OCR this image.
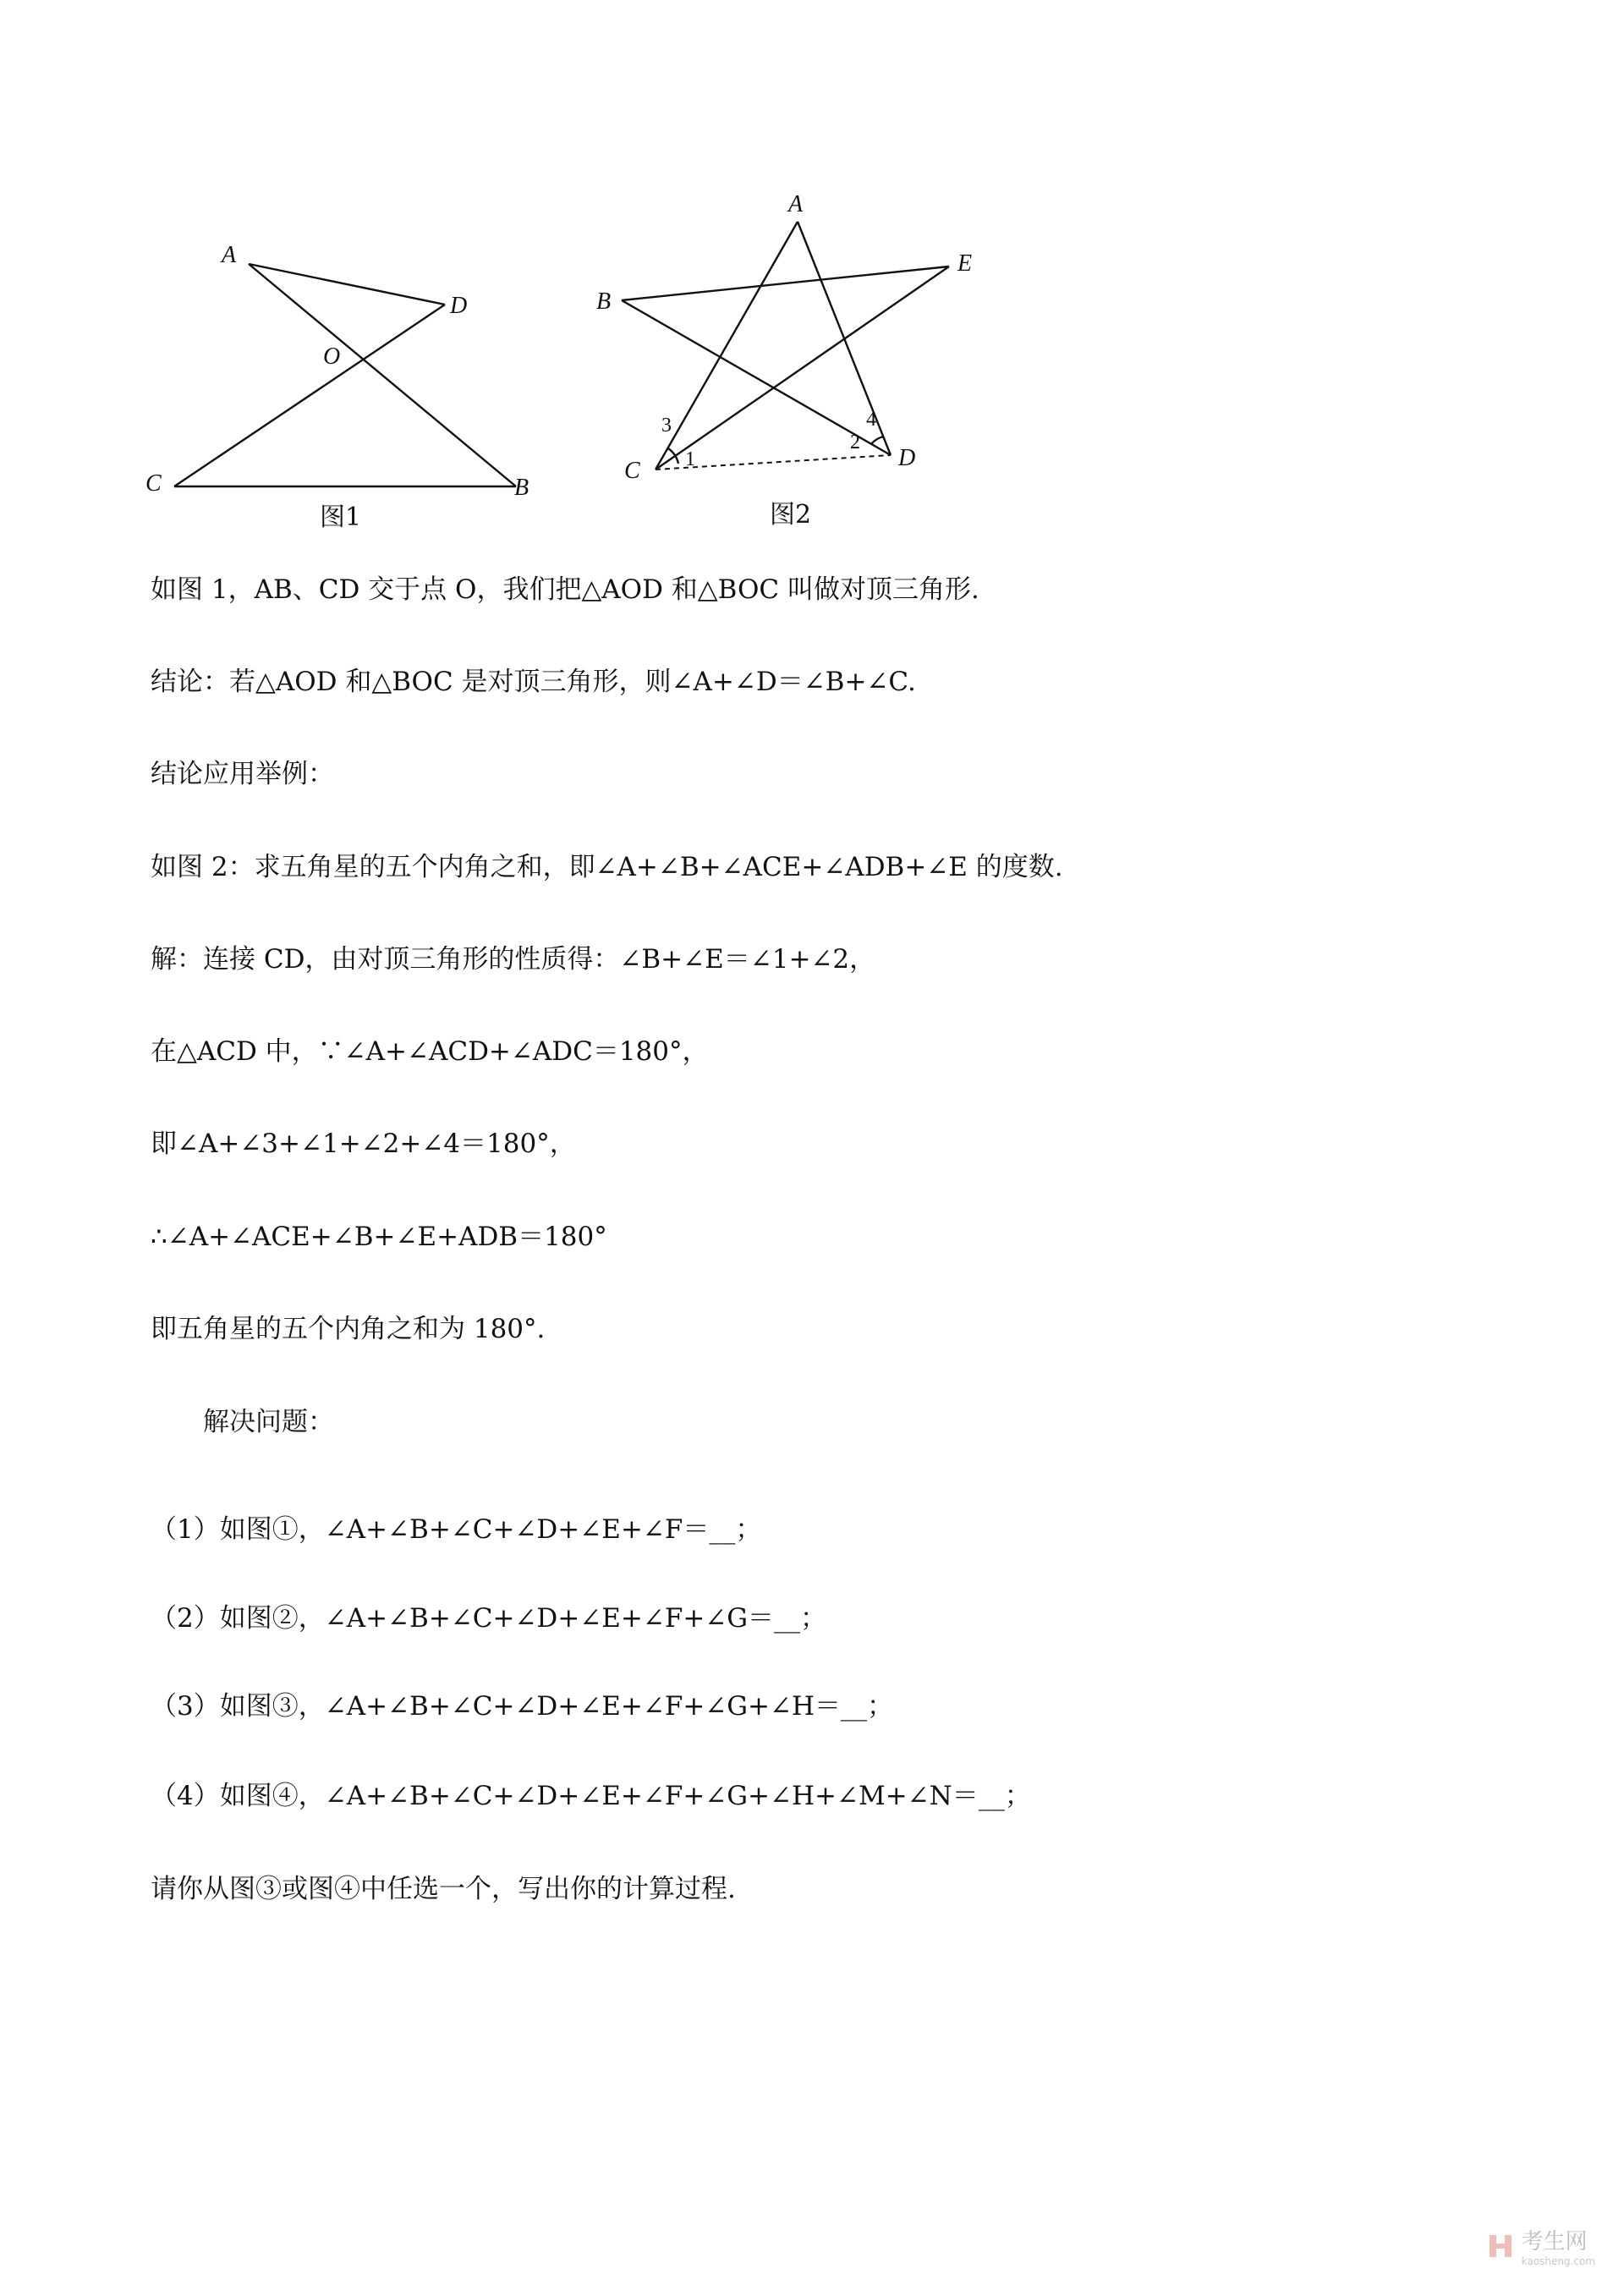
A
D
O
C	B
图1
A
B
E
C	D
1
2
3	4
图2
如图 1，AB、CD 交于点 O，我们把△AOD 和△BOC 叫做对顶三角形.
结论：若△AOD 和△BOC 是对顶三角形，则∠A+∠D＝∠B+∠C.
结论应用举例：
如图 2：求五角星的五个内角之和，即∠A+∠B+∠ACE+∠ADB+∠E 的度数.
解：连接 CD，由对顶三角形的性质得：∠B+∠E＝∠1+∠2，
在△ACD 中，∵∠A+∠ACD+∠ADC＝180°，
即∠A+∠3+∠1+∠2+∠4＝180°，
∴∠A+∠ACE+∠B+∠E+ADB＝180°
即五角星的五个内角之和为 180°.
解决问题：
（1）如图①，∠A+∠B+∠C+∠D+∠E+∠F＝__；
（2）如图②，∠A+∠B+∠C+∠D+∠E+∠F+∠G＝__；
（3）如图③，∠A+∠B+∠C+∠D+∠E+∠F+∠G+∠H＝__；
（4）如图④，∠A+∠B+∠C+∠D+∠E+∠F+∠G+∠H+∠M+∠N＝__；
请你从图③或图④中任选一个，写出你的计算过程.
考生网
kaosheng.com
